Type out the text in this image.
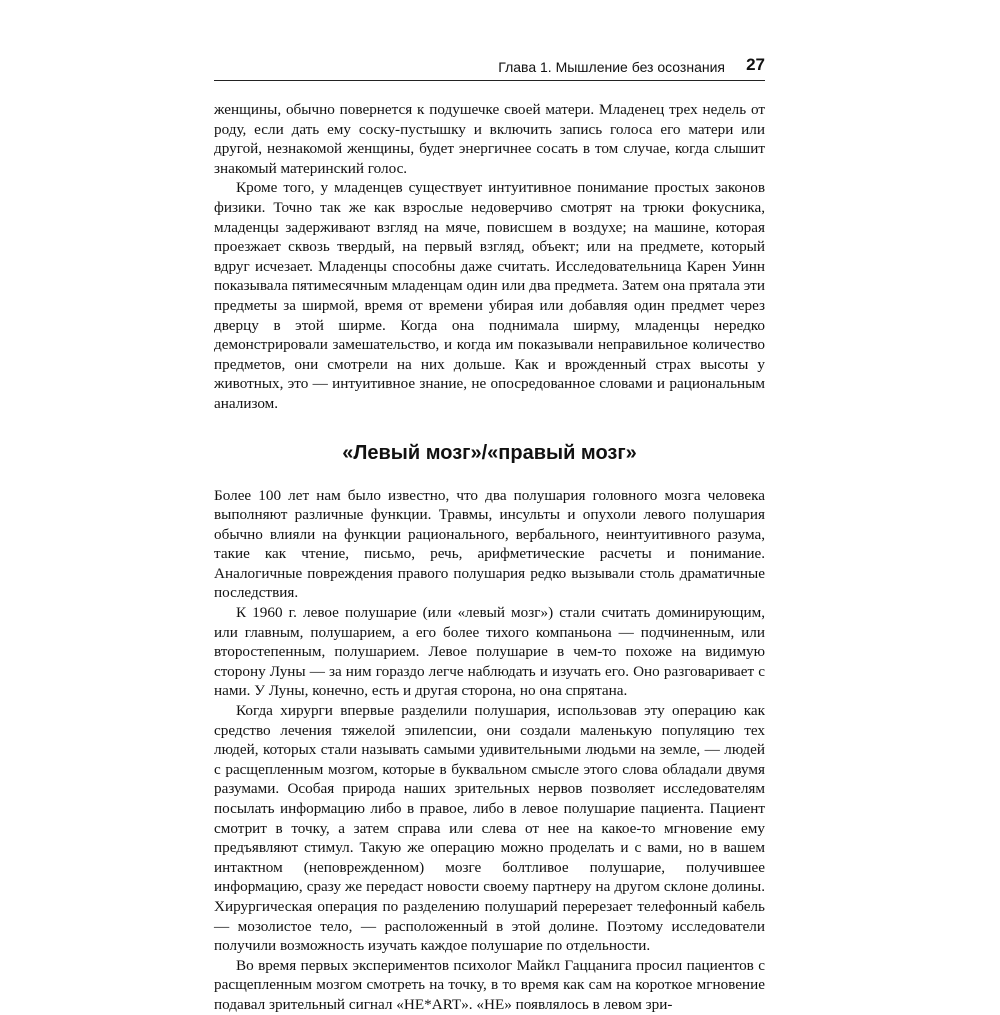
Глава 1. Мышление без осознания 27

женщины, обычно повернется к подушечке своей матери. Младенец трех недель от роду, если дать ему соску-пустышку и включить запись голоса его матери или другой, незнакомой женщины, будет энергичнее сосать в том случае, когда слышит знакомый материнский голос.

Кроме того, у младенцев существует интуитивное понимание простых законов физики. Точно так же как взрослые недоверчиво смотрят на трюки фокусника, младенцы задерживают взгляд на мяче, повисшем в воздухе; на машине, которая проезжает сквозь твердый, на первый взгляд, объект; или на предмете, который вдруг исчезает. Младенцы способны даже считать. Исследовательница Карен Уинн показывала пятимесячным младенцам один или два предмета. Затем она прятала эти предметы за ширмой, время от времени убирая или добавляя один предмет через дверцу в этой ширме. Когда она поднимала ширму, младенцы нередко демонстрировали замешательство, и когда им показывали неправильное количество предметов, они смотрели на них дольше. Как и врожденный страх высоты у животных, это — интуитивное знание, не опосредованное словами и рациональным анализом.

«Левый мозг»/«правый мозг»

Более 100 лет нам было известно, что два полушария головного мозга человека выполняют различные функции. Травмы, инсульты и опухоли левого полушария обычно влияли на функции рационального, вербального, неинтуитивного разума, такие как чтение, письмо, речь, арифметические расчеты и понимание. Аналогичные повреждения правого полушария редко вызывали столь драматичные последствия.

К 1960 г. левое полушарие (или «левый мозг») стали считать доминирующим, или главным, полушарием, а его более тихого компаньона — подчиненным, или второстепенным, полушарием. Левое полушарие в чем-то похоже на видимую сторону Луны — за ним гораздо легче наблюдать и изучать его. Оно разговаривает с нами. У Луны, конечно, есть и другая сторона, но она спрятана.

Когда хирурги впервые разделили полушария, использовав эту операцию как средство лечения тяжелой эпилепсии, они создали маленькую популяцию тех людей, которых стали называть самыми удивительными людьми на земле, — людей с расщепленным мозгом, которые в буквальном смысле этого слова обладали двумя разумами. Особая природа наших зрительных нервов позволяет исследователям посылать информацию либо в правое, либо в левое полушарие пациента. Пациент смотрит в точку, а затем справа или слева от нее на какое-то мгновение ему предъявляют стимул. Такую же операцию можно проделать и с вами, но в вашем интактном (неповрежденном) мозге болтливое полушарие, получившее информацию, сразу же передаст новости своему партнеру на другом склоне долины. Хирургическая операция по разделению полушарий перерезает телефонный кабель — мозолистое тело, — расположенный в этой долине. Поэтому исследователи получили возможность изучать каждое полушарие по отдельности.

Во время первых экспериментов психолог Майкл Гаццанига просил пациентов с расщепленным мозгом смотреть на точку, в то время как сам на короткое мгновение подавал зрительный сигнал «HE*ART». «HE» появлялось в левом зри-
